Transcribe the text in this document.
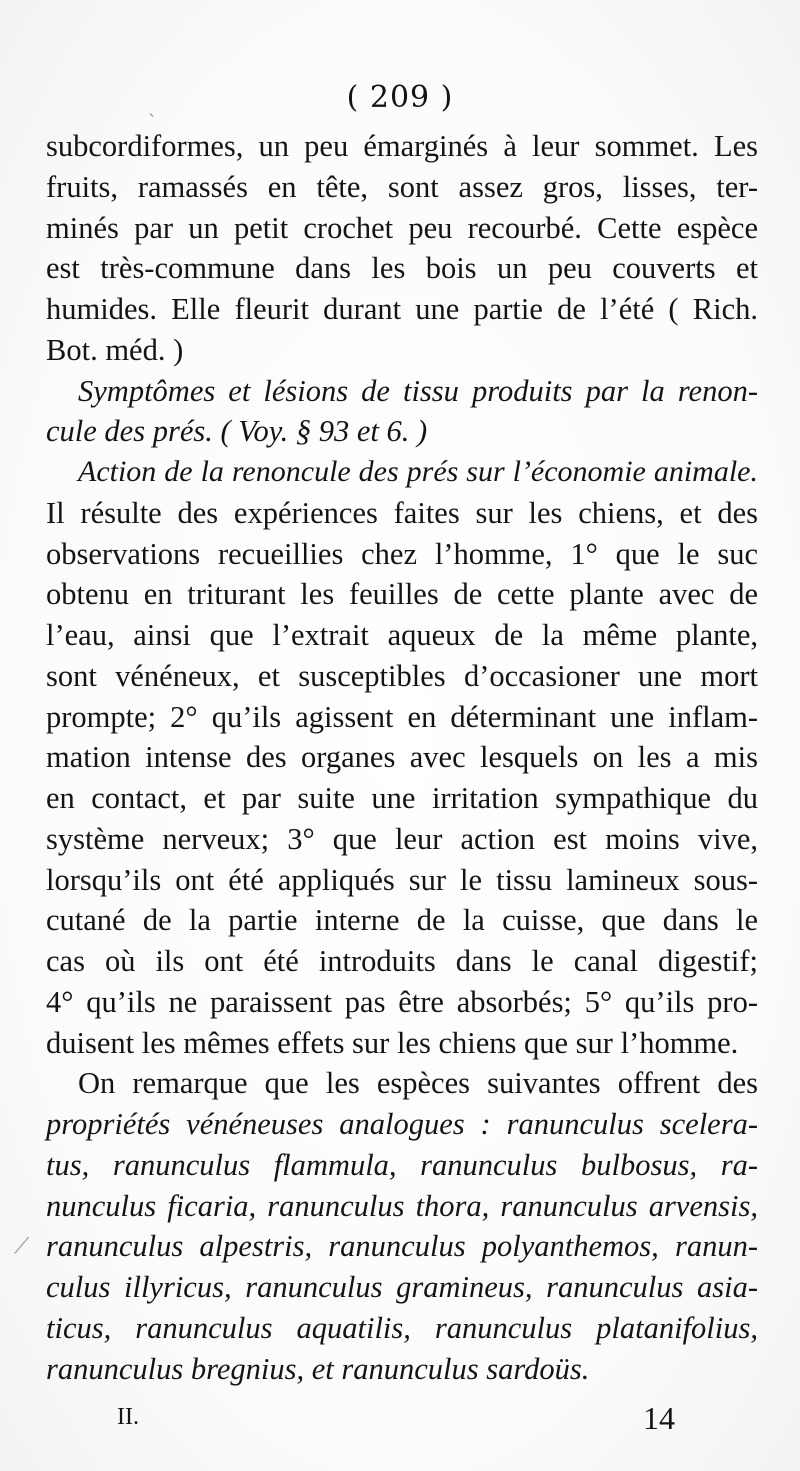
ˏ
⟋
( 209 )
subcordiformes, un peu émarginés à leur sommet. Les
fruits, ramassés en tête, sont assez gros, lisses, ter-
minés par un petit crochet peu recourbé. Cette espèce
est très-commune dans les bois un peu couverts et
humides. Elle fleurit durant une partie de l’été ( Rich.
Bot. méd. )
Symptômes et lésions de tissu produits par la renon-
cule des prés. ( Voy. § 93 et 6. )
Action de la renoncule des prés sur l’économie animale.
Il résulte des expériences faites sur les chiens, et des
observations recueillies chez l’homme, 1° que le suc
obtenu en triturant les feuilles de cette plante avec de
l’eau, ainsi que l’extrait aqueux de la même plante,
sont vénéneux, et susceptibles d’occasioner une mort
prompte; 2° qu’ils agissent en déterminant une inflam-
mation intense des organes avec lesquels on les a mis
en contact, et par suite une irritation sympathique du
système nerveux; 3° que leur action est moins vive,
lorsqu’ils ont été appliqués sur le tissu lamineux sous-
cutané de la partie interne de la cuisse, que dans le
cas où ils ont été introduits dans le canal digestif;
4° qu’ils ne paraissent pas être absorbés; 5° qu’ils pro-
duisent les mêmes effets sur les chiens que sur l’homme.
On remarque que les espèces suivantes offrent des
propriétés vénéneuses analogues : ranunculus scelera-
tus, ranunculus flammula, ranunculus bulbosus, ra-
nunculus ficaria, ranunculus thora, ranunculus arvensis,
ranunculus alpestris, ranunculus polyanthemos, ranun-
culus illyricus, ranunculus gramineus, ranunculus asia-
ticus, ranunculus aquatilis, ranunculus platanifolius,
ranunculus bregnius, et ranunculus sardoüs.
II.	14
